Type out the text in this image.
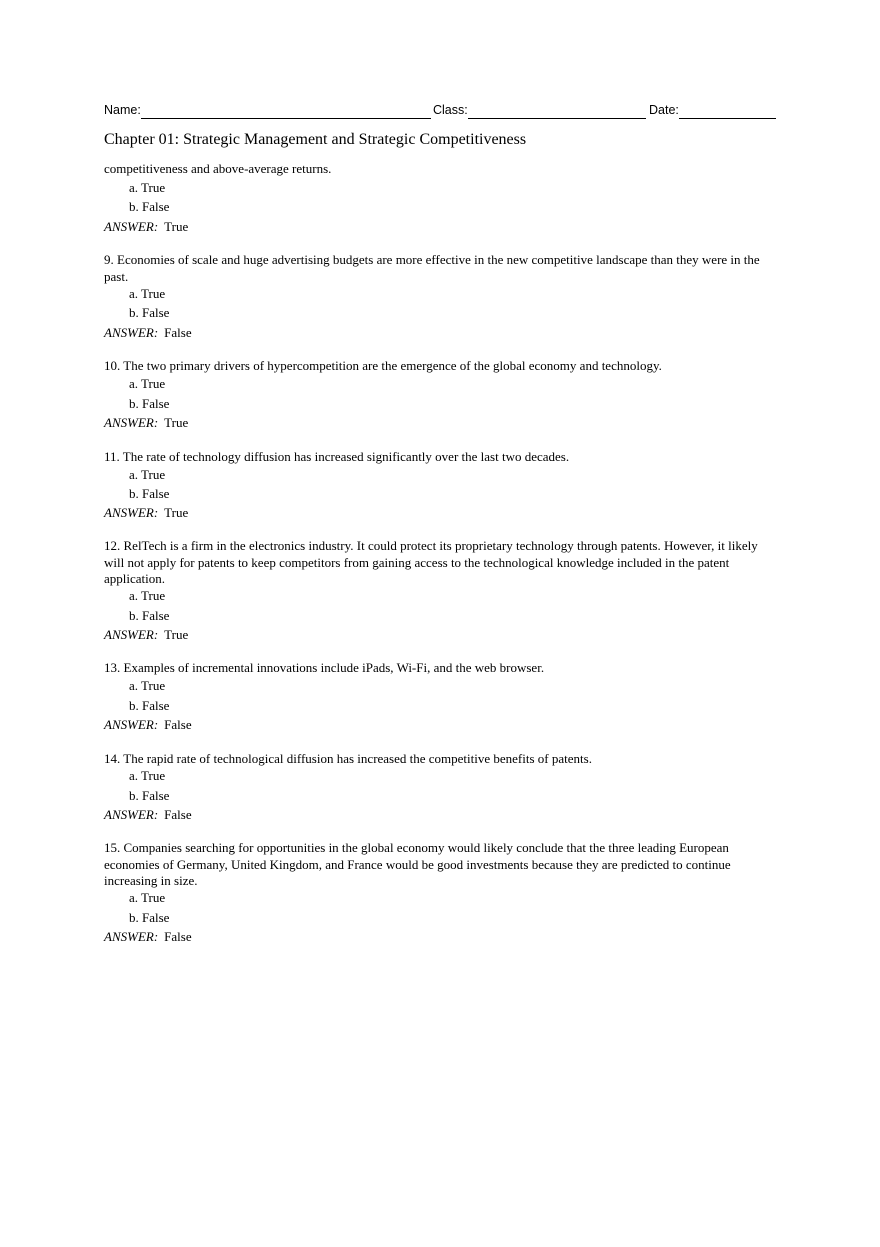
Name:	Class:	Date:
Chapter 01: Strategic Management and Strategic Competitiveness
competitiveness and above-average returns.
a. True
b. False
ANSWER: True
9. Economies of scale and huge advertising budgets are more effective in the new competitive landscape than they were in the past.
a. True
b. False
ANSWER: False
10. The two primary drivers of hypercompetition are the emergence of the global economy and technology.
a. True
b. False
ANSWER: True
11. The rate of technology diffusion has increased significantly over the last two decades.
a. True
b. False
ANSWER: True
12. RelTech is a firm in the electronics industry. It could protect its proprietary technology through patents. However, it likely will not apply for patents to keep competitors from gaining access to the technological knowledge included in the patent application.
a. True
b. False
ANSWER: True
13. Examples of incremental innovations include iPads, Wi-Fi, and the web browser.
a. True
b. False
ANSWER: False
14. The rapid rate of technological diffusion has increased the competitive benefits of patents.
a. True
b. False
ANSWER: False
15. Companies searching for opportunities in the global economy would likely conclude that the three leading European economies of Germany, United Kingdom, and France would be good investments because they are predicted to continue increasing in size.
a. True
b. False
ANSWER: False
